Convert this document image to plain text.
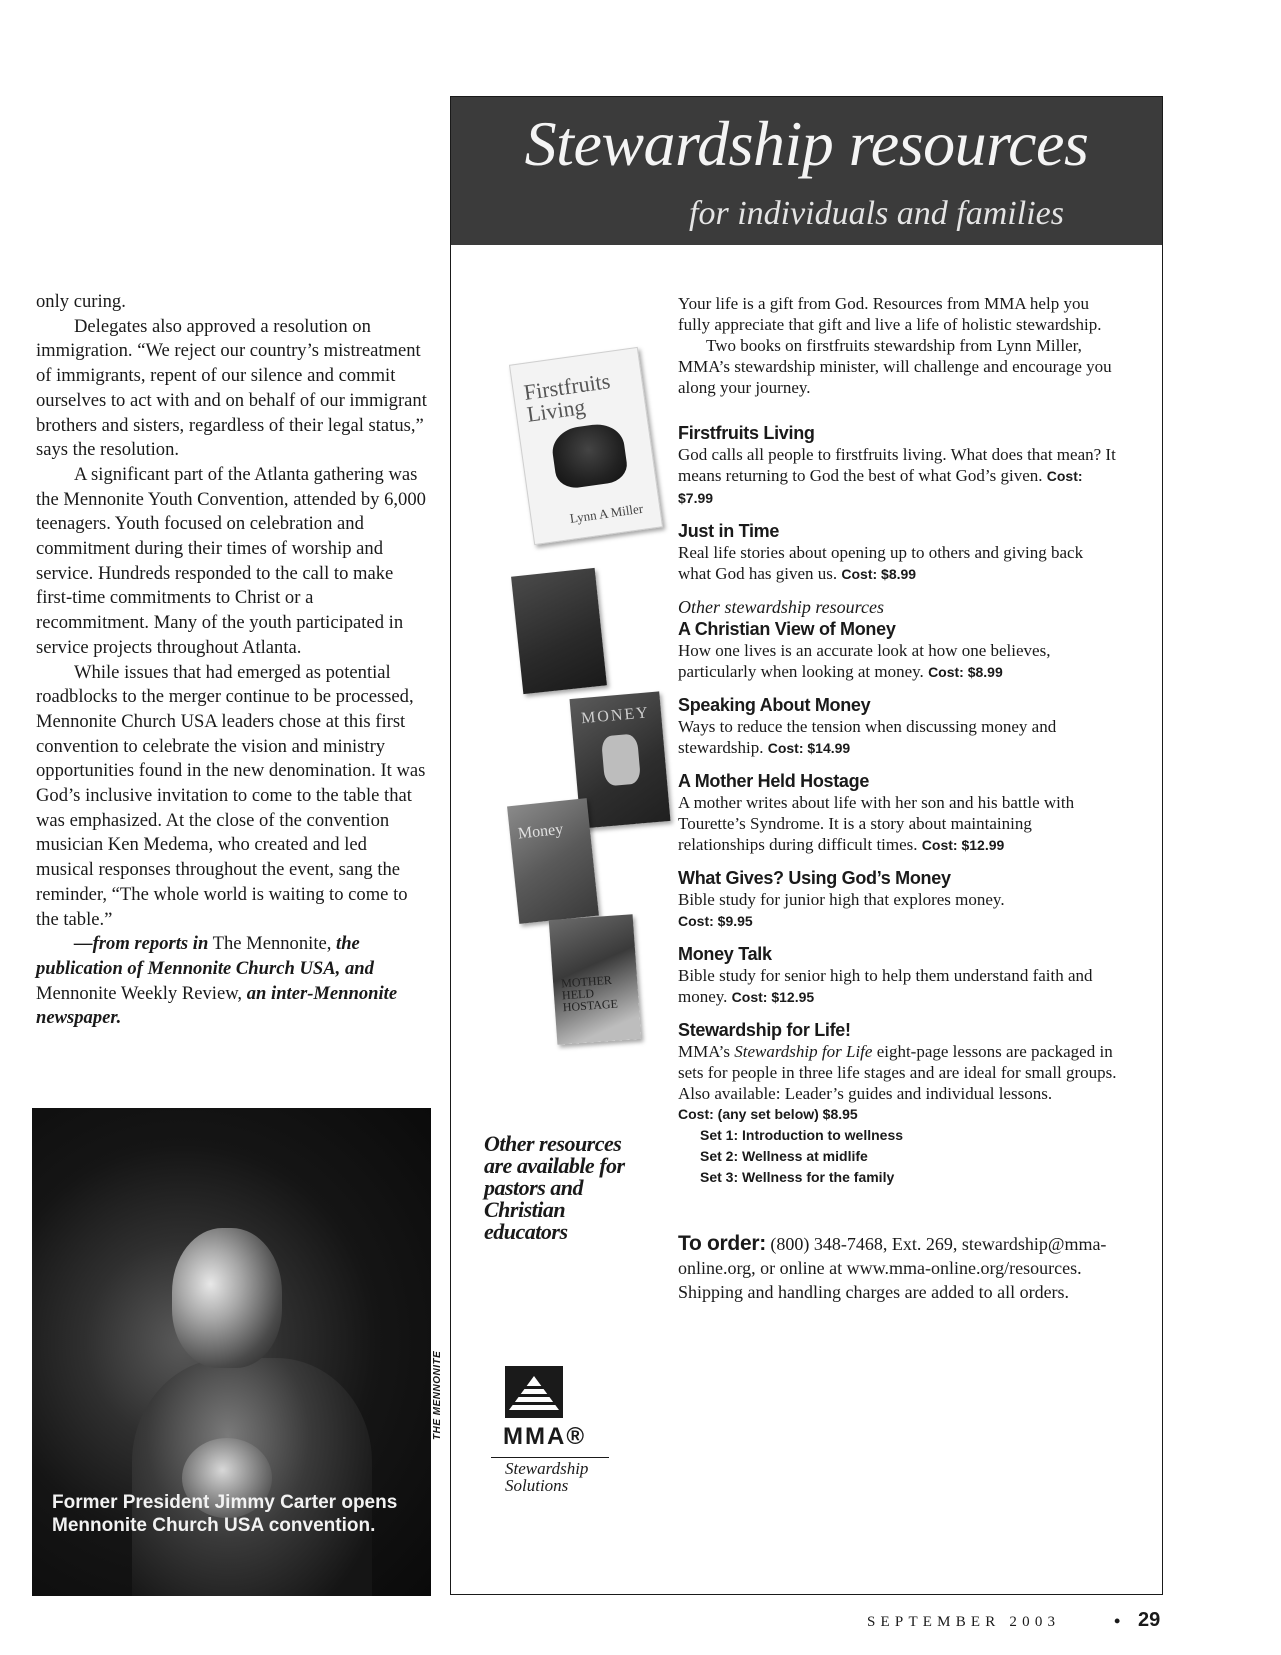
only curing.

Delegates also approved a resolution on immigration. “We reject our country’s mistreatment of immigrants, repent of our silence and commit ourselves to act with and on behalf of our immigrant brothers and sisters, regardless of their legal status,” says the resolution.

A significant part of the Atlanta gathering was the Mennonite Youth Convention, attended by 6,000 teenagers. Youth focused on celebration and commitment during their times of worship and service. Hundreds responded to the call to make first-time commitments to Christ or a recommitment. Many of the youth participated in service projects throughout Atlanta.

While issues that had emerged as potential roadblocks to the merger continue to be processed, Mennonite Church USA leaders chose at this first convention to celebrate the vision and ministry opportunities found in the new denomination. It was God’s inclusive invitation to come to the table that was emphasized. At the close of the convention musician Ken Medema, who created and led musical responses throughout the event, sang the reminder, “The whole world is waiting to come to the table.”

—from reports in The Mennonite, the publication of Mennonite Church USA, and Mennonite Weekly Review, an inter-Mennonite newspaper.

Former President Jimmy Carter opens Mennonite Church USA convention.
THE MENNONITE
Stewardship resources
for individuals and families
Firstfruits Living
Lynn A Miller
MONEY
Money
MOTHER HELD HOSTAGE
Other resources are available for pastors and Christian educators
MMA®
Stewardship Solutions

Your life is a gift from God. Resources from MMA help you fully appreciate that gift and live a life of holistic stewardship.

Two books on firstfruits stewardship from Lynn Miller, MMA’s stewardship minister, will challenge and encourage you along your journey.

Firstfruits Living

God calls all people to firstfruits living. What does that mean? It means returning to God the best of what God’s given. Cost: $7.99

Just in Time

Real life stories about opening up to others and giving back what God has given us. Cost: $8.99

Other stewardship resources
A Christian View of Money

How one lives is an accurate look at how one believes, particularly when looking at money. Cost: $8.99

Speaking About Money

Ways to reduce the tension when discussing money and stewardship. Cost: $14.99

A Mother Held Hostage

A mother writes about life with her son and his battle with Tourette’s Syndrome. It is a story about maintaining relationships during difficult times. Cost: $12.99

What Gives? Using God’s Money

Bible study for junior high that explores money.
Cost: $9.95

Money Talk

Bible study for senior high to help them understand faith and money. Cost: $12.95

Stewardship for Life!

MMA’s Stewardship for Life eight-page lessons are packaged in sets for people in three life stages and are ideal for small groups. Also available: Leader’s guides and individual lessons.

Cost: (any set below) $8.95
Set 1: Introduction to wellness
Set 2: Wellness at midlife
Set 3: Wellness for the family

To order: (800) 348-7468, Ext. 269, stewardship@mma-online.org, or online at www.mma-online.org/resources. Shipping and handling charges are added to all orders.

SEPTEMBER 2003	• 29
